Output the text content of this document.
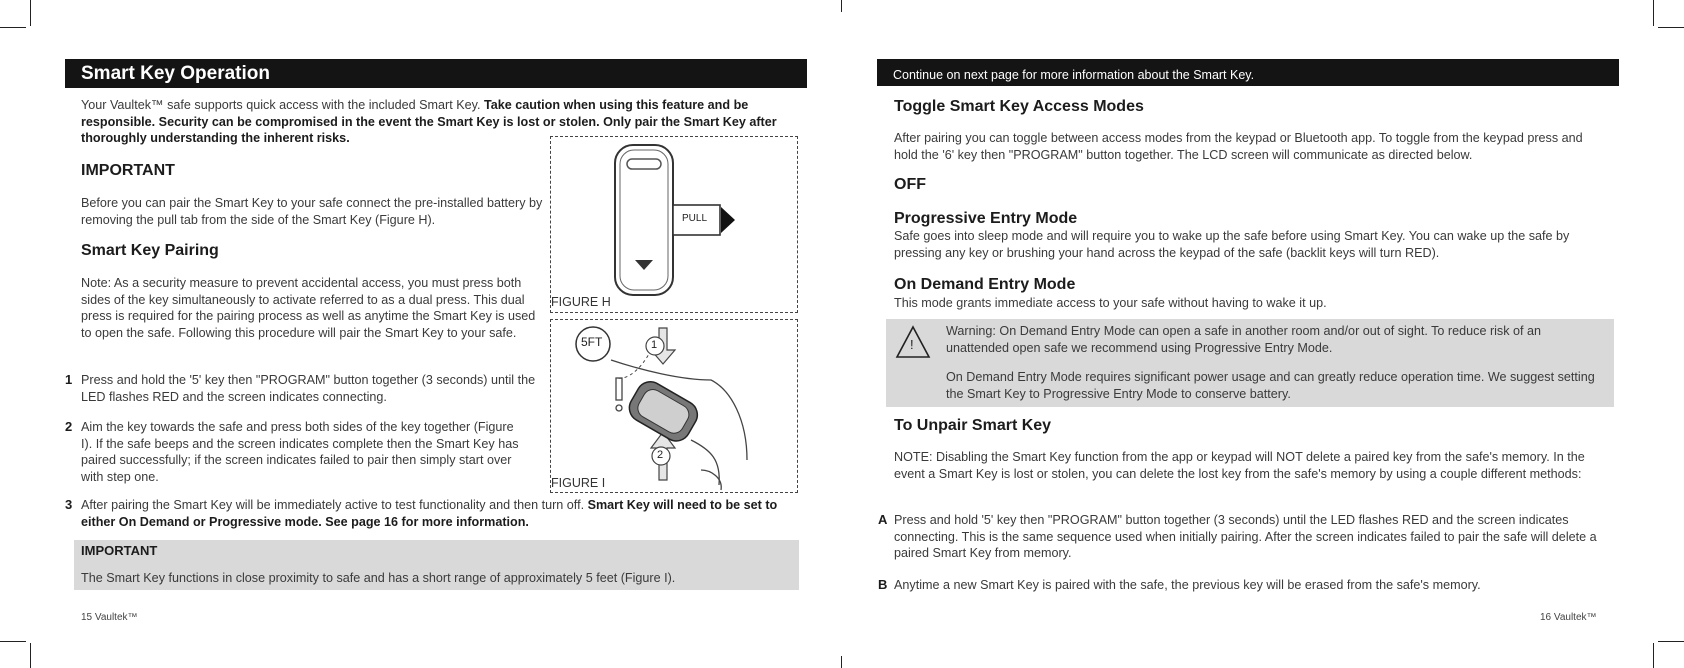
Smart Key Operation
Your Vaultek™ safe supports quick access with the included Smart Key. Take caution when using this feature and be responsible. Security can be compromised in the event the Smart Key is lost or stolen. Only pair the Smart Key after thoroughly understanding the inherent risks.
IMPORTANT
Before you can pair the Smart Key to your safe connect the pre-installed battery by removing the pull tab from the side of the Smart Key (Figure H).
Smart Key Pairing
Note: As a security measure to prevent accidental access, you must press both sides of the key simultaneously to activate referred to as a dual press. This dual press is required for the pairing process as well as anytime the Smart Key is used to open the safe. Following this procedure will pair the Smart Key to your safe.
1 Press and hold the '5' key then "PROGRAM" button together (3 seconds) until the LED flashes RED and the screen indicates connecting.
2 Aim the key towards the safe and press both sides of the key together (Figure I). If the safe beeps and the screen indicates complete then the Smart Key has paired successfully; if the screen indicates failed to pair then simply start over with step one.
3 After pairing the Smart Key will be immediately active to test functionality and then turn off. Smart Key will need to be set to either On Demand or Progressive mode. See page 16 for more information.
IMPORTANT
The Smart Key functions in close proximity to safe and has a short range of approximately 5 feet (Figure I).
PULL
FIGURE H
5FT	1
2
FIGURE I
15 Vaultek™
Continue on next page for more information about the Smart Key.
Toggle Smart Key Access Modes
After pairing you can toggle between access modes from the keypad or Bluetooth app. To toggle from the keypad press and hold the '6' key then "PROGRAM" button together. The LCD screen will communicate as directed below.
OFF
Progressive Entry Mode
Safe goes into sleep mode and will require you to wake up the safe before using Smart Key. You can wake up the safe by pressing any key or brushing your hand across the keypad of the safe (backlit keys will turn RED).
On Demand Entry Mode
This mode grants immediate access to your safe without having to wake it up.
!
Warning: On Demand Entry Mode can open a safe in another room and/or out of sight. To reduce risk of an unattended open safe we recommend using Progressive Entry Mode.
On Demand Entry Mode requires significant power usage and can greatly reduce operation time. We suggest setting the Smart Key to Progressive Entry Mode to conserve battery.
To Unpair Smart Key
NOTE: Disabling the Smart Key function from the app or keypad will NOT delete a paired key from the safe's memory. In the event a Smart Key is lost or stolen, you can delete the lost key from the safe's memory by using a couple different methods:
A Press and hold '5' key then "PROGRAM" button together (3 seconds) until the LED flashes RED and the screen indicates connecting. This is the same sequence used when initially pairing. After the screen indicates failed to pair the safe will delete a paired Smart Key from memory.
B Anytime a new Smart Key is paired with the safe, the previous key will be erased from the safe's memory.
16 Vaultek™
